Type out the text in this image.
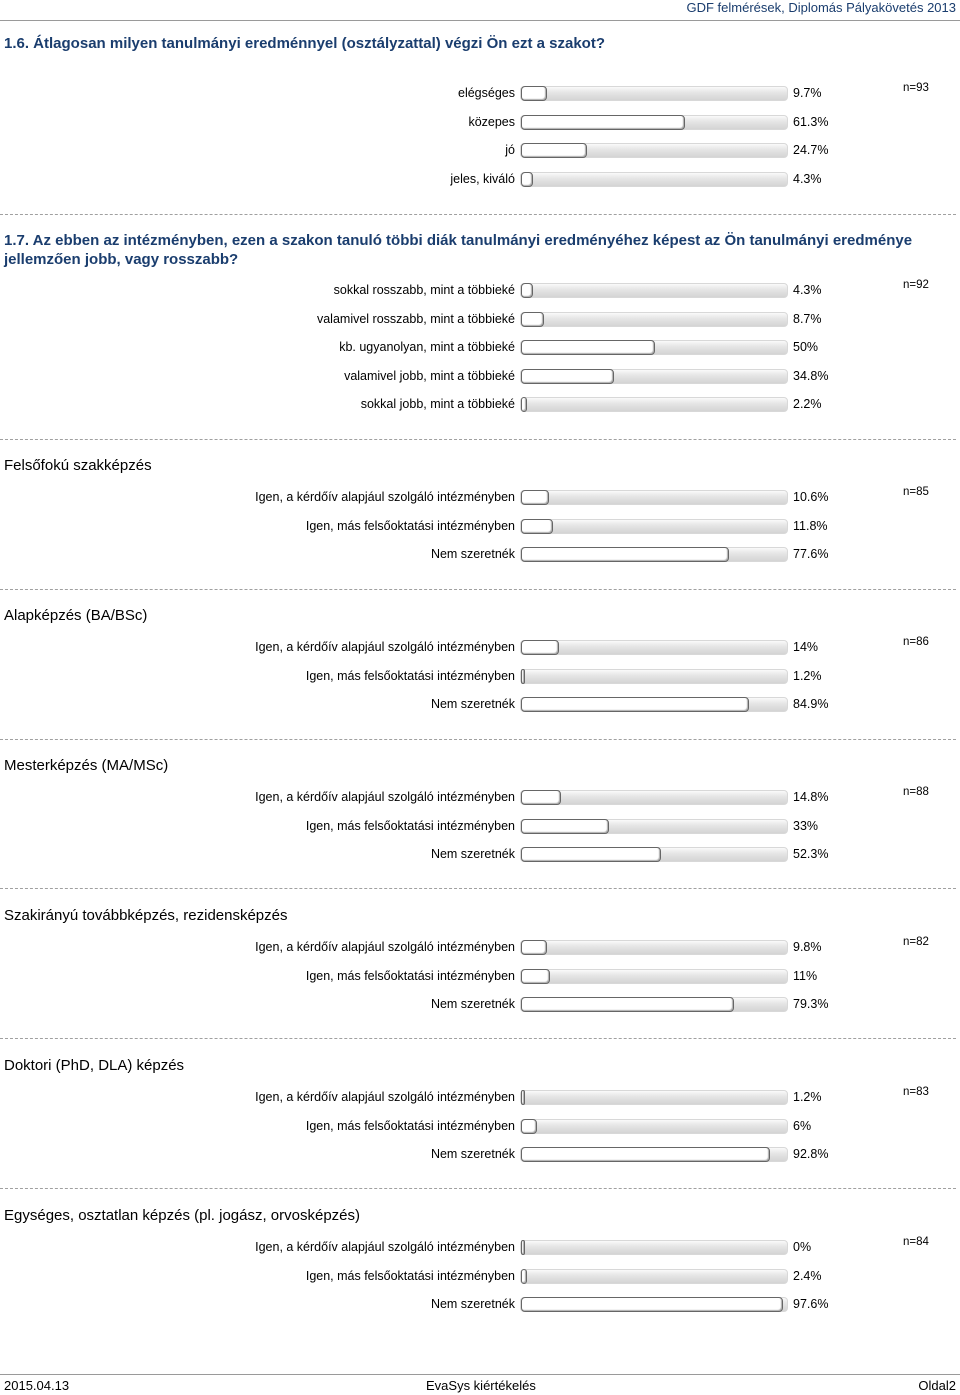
GDF felmérések, Diplomás Pályakövetés 2013
1.6. Átlagosan milyen tanulmányi eredménnyel (osztályzattal) végzi Ön ezt a szakot?
n=93
elégséges	9.7%
közepes	61.3%
jó	24.7%
jeles, kiváló	4.3%
1.7. Az ebben az intézményben, ezen a szakon tanuló többi diák tanulmányi eredményéhez képest az Ön tanulmányi eredménye jellemzően jobb, vagy rosszabb?
n=92
sokkal rosszabb, mint a többieké	4.3%
valamivel rosszabb, mint a többieké	8.7%
kb. ugyanolyan, mint a többieké	50%
valamivel jobb, mint a többieké	34.8%
sokkal jobb, mint a többieké	2.2%
Felsőfokú szakképzés
n=85
Igen, a kérdőív alapjául szolgáló intézményben	10.6%
Igen, más felsőoktatási intézményben	11.8%
Nem szeretnék	77.6%
Alapképzés (BA/BSc)
n=86
Igen, a kérdőív alapjául szolgáló intézményben	14%
Igen, más felsőoktatási intézményben	1.2%
Nem szeretnék	84.9%
Mesterképzés (MA/MSc)
n=88
Igen, a kérdőív alapjául szolgáló intézményben	14.8%
Igen, más felsőoktatási intézményben	33%
Nem szeretnék	52.3%
Szakirányú továbbképzés, rezidensképzés
n=82
Igen, a kérdőív alapjául szolgáló intézményben	9.8%
Igen, más felsőoktatási intézményben	11%
Nem szeretnék	79.3%
Doktori (PhD, DLA) képzés
n=83
Igen, a kérdőív alapjául szolgáló intézményben	1.2%
Igen, más felsőoktatási intézményben	6%
Nem szeretnék	92.8%
Egységes, osztatlan képzés (pl. jogász, orvosképzés)
n=84
Igen, a kérdőív alapjául szolgáló intézményben	0%
Igen, más felsőoktatási intézményben	2.4%
Nem szeretnék	97.6%
2015.04.13	EvaSys kiértékelés	Oldal2
